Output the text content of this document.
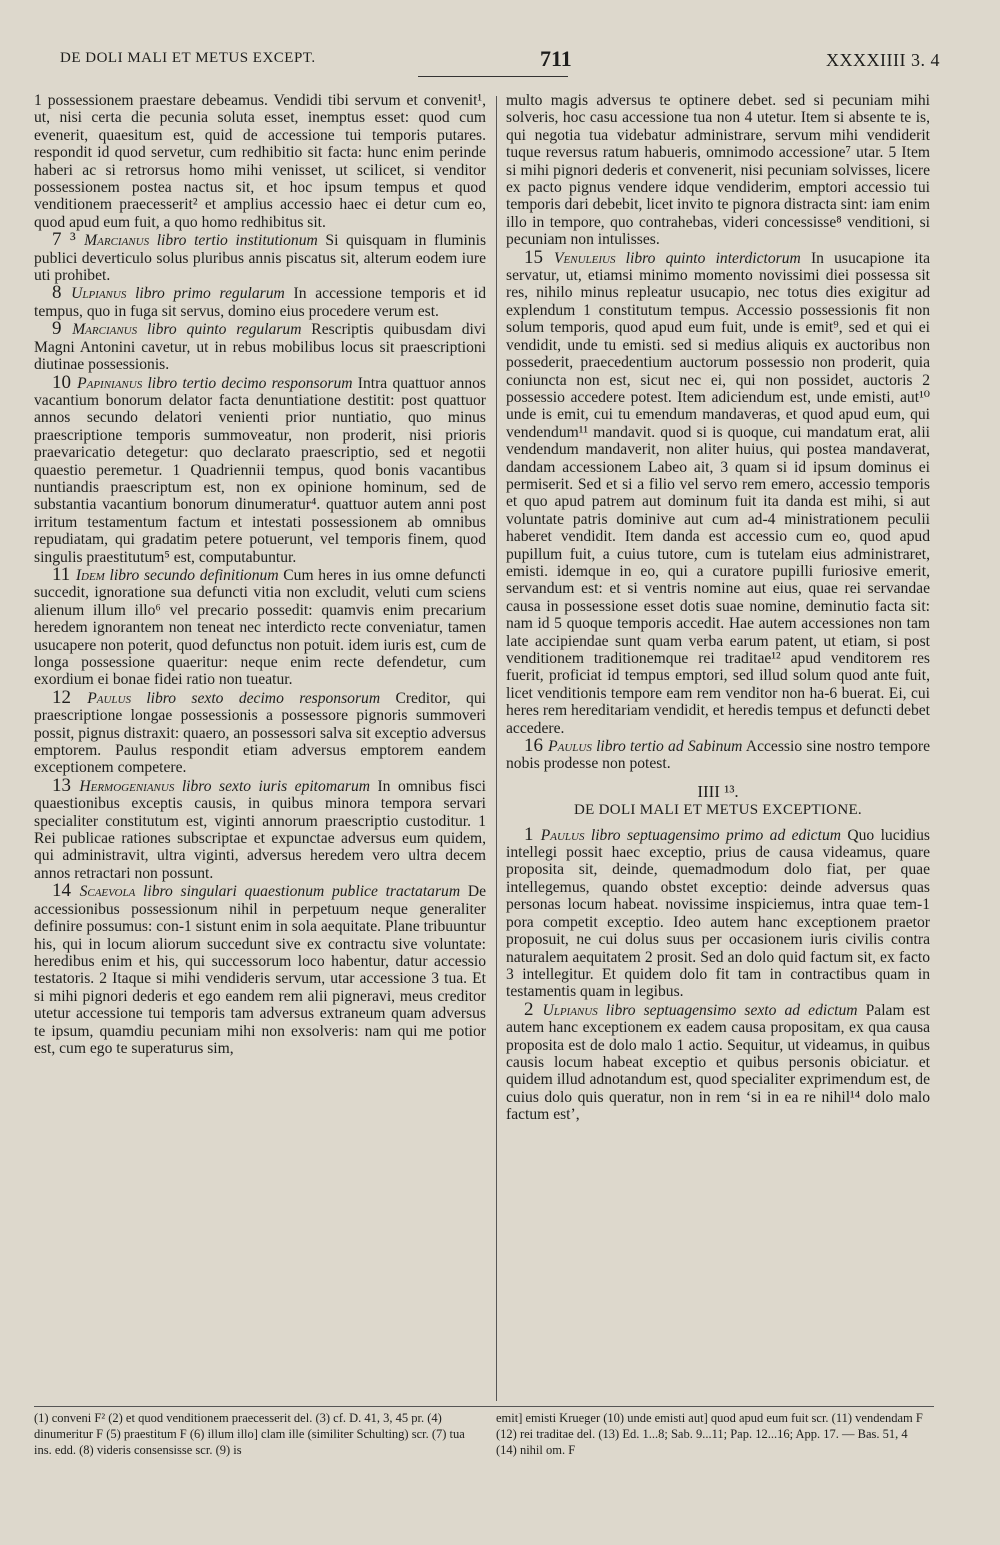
DE DOLI MALI ET METUS EXCEPT.	711	XXXXIIII 3. 4

1 possessionem praestare debeamus. Vendidi tibi servum et convenit¹, ut, nisi certa die pecunia soluta esset, inemptus esset: quod cum evenerit, quaesitum est, quid de accessione tui temporis putares. respondit id quod servetur, cum redhibitio sit facta: hunc enim perinde haberi ac si retrorsus homo mihi venisset, ut scilicet, si venditor possessionem postea nactus sit, et hoc ipsum tempus et quod venditionem praecesserit² et amplius accessio haec ei detur cum eo, quod apud eum fuit, a quo homo redhibitus sit.

7 ³ Marcianus libro tertio institutionum Si quisquam in fluminis publici deverticulo solus pluribus annis piscatus sit, alterum eodem iure uti prohibet.

8 Ulpianus libro primo regularum In accessione temporis et id tempus, quo in fuga sit servus, domino eius procedere verum est.

9 Marcianus libro quinto regularum Rescriptis quibusdam divi Magni Antonini cavetur, ut in rebus mobilibus locus sit praescriptioni diutinae possessionis.

10 Papinianus libro tertio decimo responsorum Intra quattuor annos vacantium bonorum delator facta denuntiatione destitit: post quattuor annos secundo delatori venienti prior nuntiatio, quo minus praescriptione temporis summoveatur, non proderit, nisi prioris praevaricatio detegetur: quo declarato praescriptio, sed et negotii quaestio peremetur. 1 Quadriennii tempus, quod bonis vacantibus nuntiandis praescriptum est, non ex opinione hominum, sed de substantia vacantium bonorum dinumeratur⁴. quattuor autem anni post irritum testamentum factum et intestati possessionem ab omnibus repudiatam, qui gradatim petere potuerunt, vel temporis finem, quod singulis praestitutum⁵ est, computabuntur.

11 Idem libro secundo definitionum Cum heres in ius omne defuncti succedit, ignoratione sua defuncti vitia non excludit, veluti cum sciens alienum illum illo⁶ vel precario possedit: quamvis enim precarium heredem ignorantem non teneat nec interdicto recte conveniatur, tamen usucapere non poterit, quod defunctus non potuit. idem iuris est, cum de longa possessione quaeritur: neque enim recte defendetur, cum exordium ei bonae fidei ratio non tueatur.

12 Paulus libro sexto decimo responsorum Creditor, qui praescriptione longae possessionis a possessore pignoris summoveri possit, pignus distraxit: quaero, an possessori salva sit exceptio adversus emptorem. Paulus respondit etiam adversus emptorem eandem exceptionem competere.

13 Hermogenianus libro sexto iuris epitomarum In omnibus fisci quaestionibus exceptis causis, in quibus minora tempora servari specialiter constitutum est, viginti annorum praescriptio custoditur. 1 Rei publicae rationes subscriptae et expunctae adversus eum quidem, qui administravit, ultra viginti, adversus heredem vero ultra decem annos retractari non possunt.

14 Scaevola libro singulari quaestionum publice tractatarum De accessionibus possessionum nihil in perpetuum neque generaliter definire possumus: con-1 sistunt enim in sola aequitate. Plane tribuuntur his, qui in locum aliorum succedunt sive ex contractu sive voluntate: heredibus enim et his, qui successorum loco habentur, datur accessio testatoris. 2 Itaque si mihi vendideris servum, utar accessione 3 tua. Et si mihi pignori dederis et ego eandem rem alii pigneravi, meus creditor utetur accessione tui temporis tam adversus extraneum quam adversus te ipsum, quamdiu pecuniam mihi non exsolveris: nam qui me potior est, cum ego te superaturus sim,

multo magis adversus te optinere debet. sed si pecuniam mihi solveris, hoc casu accessione tua non 4 utetur. Item si absente te is, qui negotia tua videbatur administrare, servum mihi vendiderit tuque reversus ratum habueris, omnimodo accessione⁷ utar. 5 Item si mihi pignori dederis et convenerit, nisi pecuniam solvisses, licere ex pacto pignus vendere idque vendiderim, emptori accessio tui temporis dari debebit, licet invito te pignora distracta sint: iam enim illo in tempore, quo contrahebas, videri concessisse⁸ venditioni, si pecuniam non intulisses.

15 Venuleius libro quinto interdictorum In usucapione ita servatur, ut, etiamsi minimo momento novissimi diei possessa sit res, nihilo minus repleatur usucapio, nec totus dies exigitur ad explendum 1 constitutum tempus. Accessio possessionis fit non solum temporis, quod apud eum fuit, unde is emit⁹, sed et qui ei vendidit, unde tu emisti. sed si medius aliquis ex auctoribus non possederit, praecedentium auctorum possessio non proderit, quia coniuncta non est, sicut nec ei, qui non possidet, auctoris 2 possessio accedere potest. Item adiciendum est, unde emisti, aut¹⁰ unde is emit, cui tu emendum mandaveras, et quod apud eum, qui vendendum¹¹ mandavit. quod si is quoque, cui mandatum erat, alii vendendum mandaverit, non aliter huius, qui postea mandaverat, dandam accessionem Labeo ait, 3 quam si id ipsum dominus ei permiserit. Sed et si a filio vel servo rem emero, accessio temporis et quo apud patrem aut dominum fuit ita danda est mihi, si aut voluntate patris dominive aut cum ad-4 ministrationem peculii haberet vendidit. Item danda est accessio cum eo, quod apud pupillum fuit, a cuius tutore, cum is tutelam eius administraret, emisti. idemque in eo, qui a curatore pupilli furiosive emerit, servandum est: et si ventris nomine aut eius, quae rei servandae causa in possessione esset dotis suae nomine, deminutio facta sit: nam id 5 quoque temporis accedit. Hae autem accessiones non tam late accipiendae sunt quam verba earum patent, ut etiam, si post venditionem traditionemque rei traditae¹² apud venditorem res fuerit, proficiat id tempus emptori, sed illud solum quod ante fuit, licet venditionis tempore eam rem venditor non ha-6 buerat. Ei, cui heres rem hereditariam vendidit, et heredis tempus et defuncti debet accedere.

16 Paulus libro tertio ad Sabinum Accessio sine nostro tempore nobis prodesse non potest.

IIII ¹³.
DE DOLI MALI ET METUS EXCEPTIONE.

1 Paulus libro septuagensimo primo ad edictum Quo lucidius intellegi possit haec exceptio, prius de causa videamus, quare proposita sit, deinde, quemadmodum dolo fiat, per quae intellegemus, quando obstet exceptio: deinde adversus quas personas locum habeat. novissime inspiciemus, intra quae tem-1 pora competit exceptio. Ideo autem hanc exceptionem praetor proposuit, ne cui dolus suus per occasionem iuris civilis contra naturalem aequitatem 2 prosit. Sed an dolo quid factum sit, ex facto 3 intellegitur. Et quidem dolo fit tam in contractibus quam in testamentis quam in legibus.

2 Ulpianus libro septuagensimo sexto ad edictum Palam est autem hanc exceptionem ex eadem causa propositam, ex qua causa proposita est de dolo malo 1 actio. Sequitur, ut videamus, in quibus causis locum habeat exceptio et quibus personis obiciatur. et quidem illud adnotandum est, quod specialiter exprimendum est, de cuius dolo quis queratur, non in rem ‘si in ea re nihil¹⁴ dolo malo factum est’,

(1) conveni F² (2) et quod venditionem praecesserit del. (3) cf. D. 41, 3, 45 pr. (4) dinumeritur F (5) praestitum F (6) illum illo] clam ille (similiter Schulting) scr. (7) tua ins. edd. (8) videris consensisse scr. (9) is
emit] emisti Krueger (10) unde emisti aut] quod apud eum fuit scr. (11) vendendam F (12) rei traditae del. (13) Ed. 1...8; Sab. 9...11; Pap. 12...16; App. 17. — Bas. 51, 4 (14) nihil om. F
